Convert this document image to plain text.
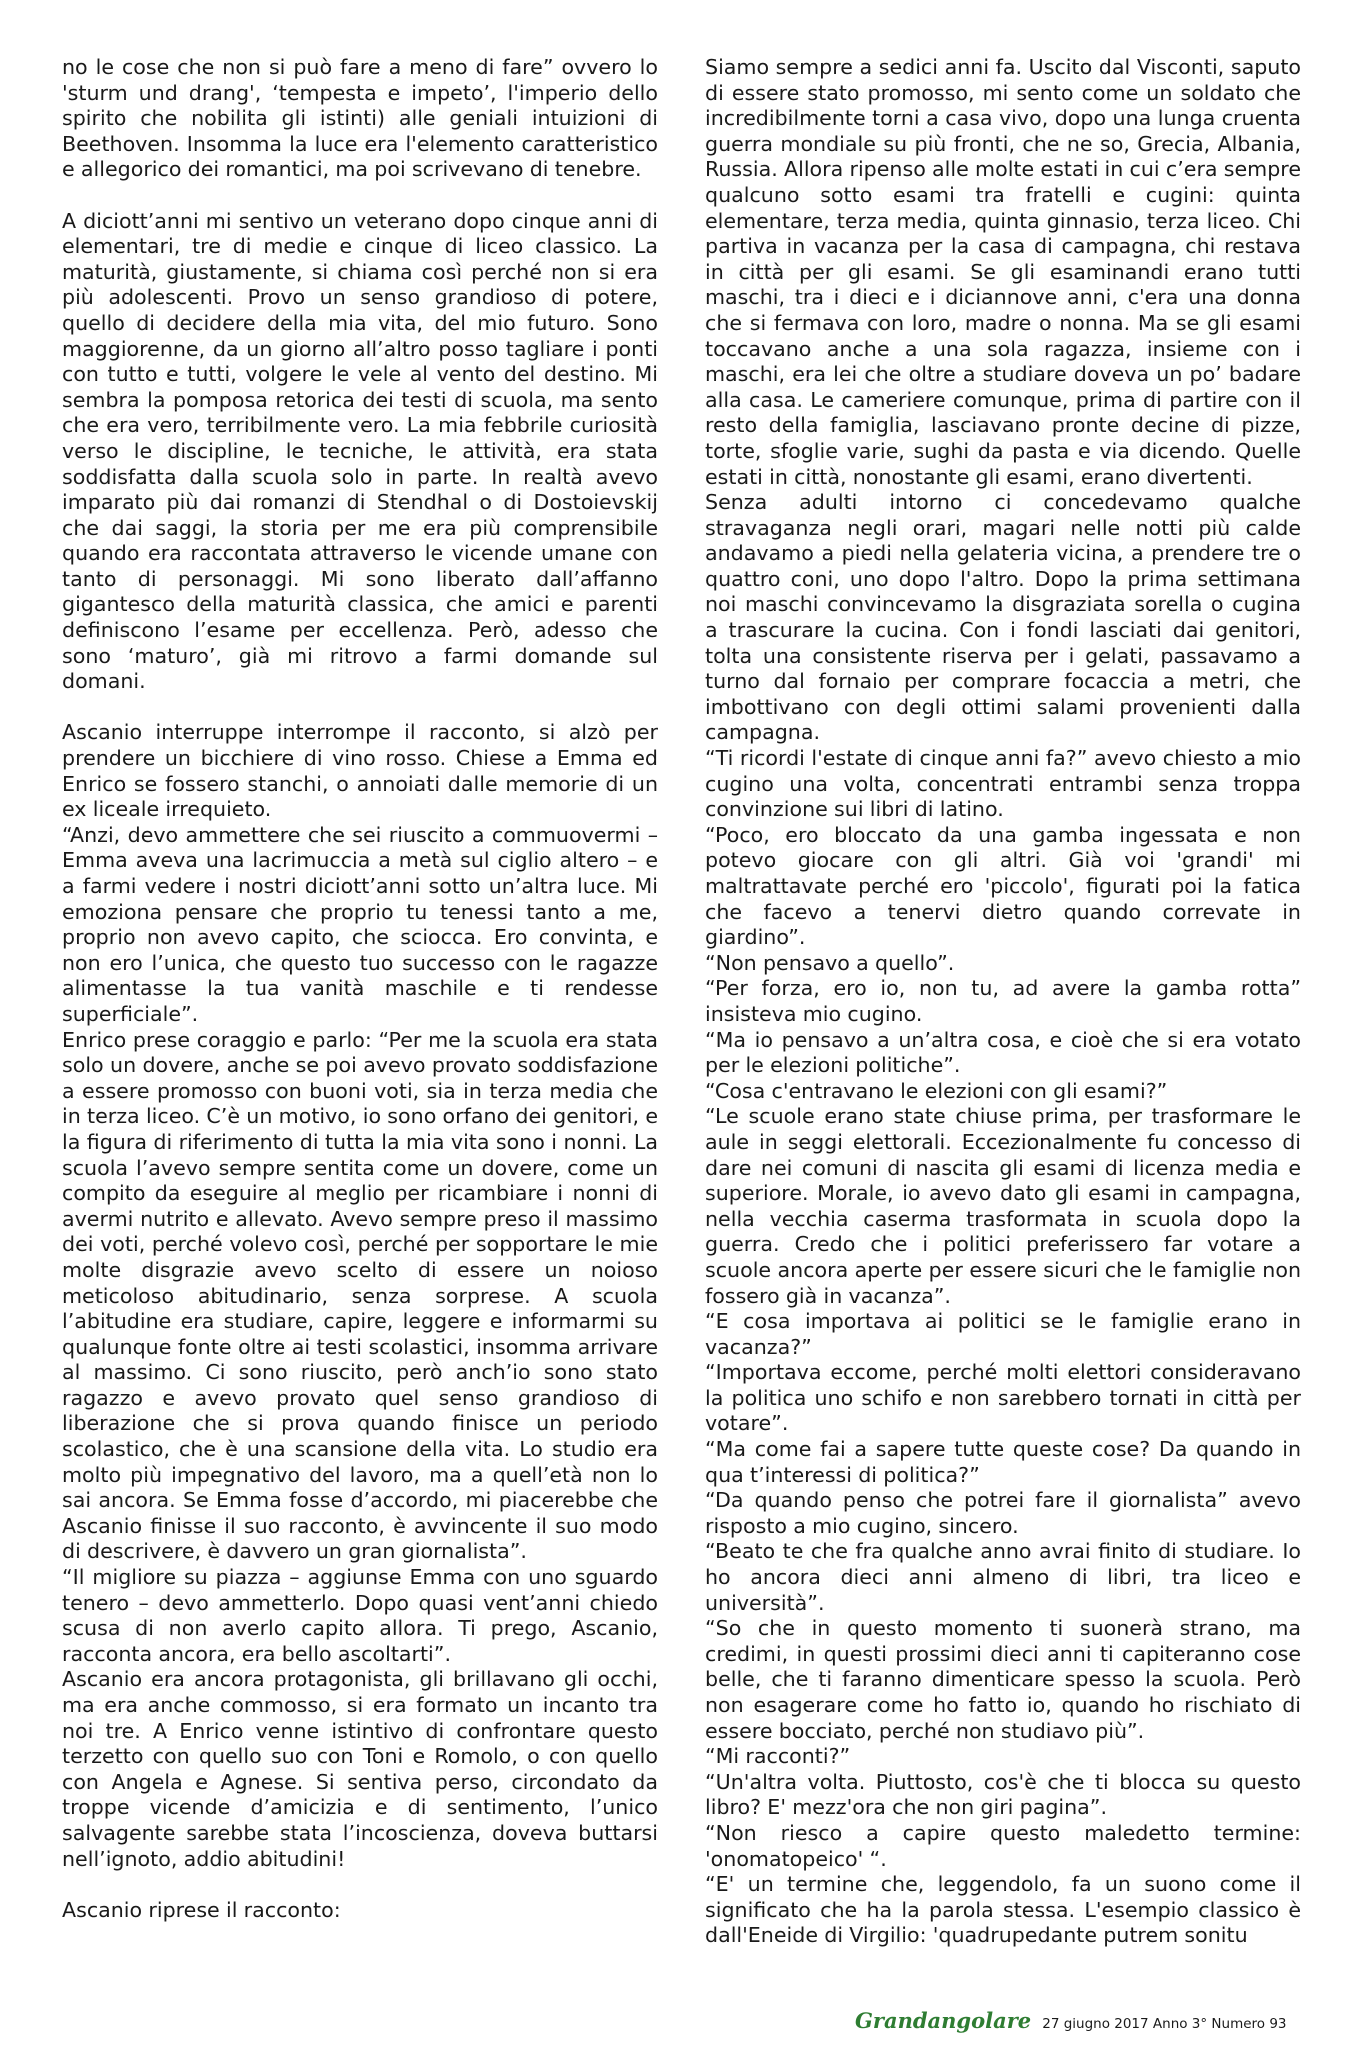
no le cose che non si può fare a meno di fare” ovvero lo 'sturm und drang', ‘tempesta e impeto’, l'imperio dello spirito che nobilita gli istinti) alle geniali intuizioni di Beethoven. Insomma la luce era l'elemento caratteristico e allegorico dei romantici, ma poi scrivevano di tenebre.

A diciott’anni mi sentivo un veterano dopo cinque anni di elementari, tre di medie e cinque di liceo classico. La maturità, giustamente, si chiama così perché non si era più adolescenti. Provo un senso grandioso di potere, quello di decidere della mia vita, del mio futuro. Sono maggiorenne, da un giorno all’altro posso tagliare i ponti con tutto e tutti, volgere le vele al vento del destino. Mi sembra la pomposa retorica dei testi di scuola, ma sento che era vero, terribilmente vero. La mia febbrile curiosità verso le discipline, le tecniche, le attività, era stata soddisfatta dalla scuola solo in parte. In realtà avevo imparato più dai romanzi di Stendhal o di Dostoievskij che dai saggi, la storia per me era più comprensibile quando era raccontata attraverso le vicende umane con tanto di personaggi. Mi sono liberato dall’affanno gigantesco della maturità classica, che amici e parenti definiscono l’esame per eccellenza. Però, adesso che sono ‘maturo’, già mi ritrovo a farmi domande sul domani.

Ascanio interruppe interrompe il racconto, si alzò per prendere un bicchiere di vino rosso. Chiese a Emma ed Enrico se fossero stanchi, o annoiati dalle memorie di un ex liceale irrequieto.

“Anzi, devo ammettere che sei riuscito a commuovermi – Emma aveva una lacrimuccia a metà sul ciglio altero – e a farmi vedere i nostri diciott’anni sotto un’altra luce. Mi emoziona pensare che proprio tu tenessi tanto a me, proprio non avevo capito, che sciocca. Ero convinta, e non ero l’unica, che questo tuo successo con le ragazze alimentasse la tua vanità maschile e ti rendesse superficiale”.

Enrico prese coraggio e parlo: “Per me la scuola era stata solo un dovere, anche se poi avevo provato soddisfazione a essere promosso con buoni voti, sia in terza media che in terza liceo. C’è un motivo, io sono orfano dei genitori, e la figura di riferimento di tutta la mia vita sono i nonni. La scuola l’avevo sempre sentita come un dovere, come un compito da eseguire al meglio per ricambiare i nonni di avermi nutrito e allevato. Avevo sempre preso il massimo dei voti, perché volevo così, perché per sopportare le mie molte disgrazie avevo scelto di essere un noioso meticoloso abitudinario, senza sorprese. A scuola l’abitudine era studiare, capire, leggere e informarmi su qualunque fonte oltre ai testi scolastici, insomma arrivare al massimo. Ci sono riuscito, però anch’io sono stato ragazzo e avevo provato quel senso grandioso di liberazione che si prova quando finisce un periodo scolastico, che è una scansione della vita. Lo studio era molto più impegnativo del lavoro, ma a quell’età non lo sai ancora. Se Emma fosse d’accordo, mi piacerebbe che Ascanio finisse il suo racconto, è avvincente il suo modo di descrivere, è davvero un gran giornalista”.

“Il migliore su piazza – aggiunse Emma con uno sguardo tenero – devo ammetterlo. Dopo quasi vent’anni chiedo scusa di non averlo capito allora. Ti prego, Ascanio, racconta ancora, era bello ascoltarti”.

Ascanio era ancora protagonista, gli brillavano gli occhi, ma era anche commosso, si era formato un incanto tra noi tre. A Enrico venne istintivo di confrontare questo terzetto con quello suo con Toni e Romolo, o con quello con Angela e Agnese. Si sentiva perso, circondato da troppe vicende d’amicizia e di sentimento, l’unico salvagente sarebbe stata l’incoscienza, doveva buttarsi nell’ignoto, addio abitudini!

Ascanio riprese il racconto:

Siamo sempre a sedici anni fa. Uscito dal Visconti, saputo di essere stato promosso, mi sento come un soldato che incredibilmente torni a casa vivo, dopo una lunga cruenta guerra mondiale su più fronti, che ne so, Grecia, Albania, Russia. Allora ripenso alle molte estati in cui c’era sempre qualcuno sotto esami tra fratelli e cugini: quinta elementare, terza media, quinta ginnasio, terza liceo. Chi partiva in vacanza per la casa di campagna, chi restava in città per gli esami. Se gli esaminandi erano tutti maschi, tra i dieci e i diciannove anni, c'era una donna che si fermava con loro, madre o nonna. Ma se gli esami toccavano anche a una sola ragazza, insieme con i maschi, era lei che oltre a studiare doveva un po’ badare alla casa. Le cameriere comunque, prima di partire con il resto della famiglia, lasciavano pronte decine di pizze, torte, sfoglie varie, sughi da pasta e via dicendo. Quelle estati in città, nonostante gli esami, erano divertenti.

Senza adulti intorno ci concedevamo qualche stravaganza negli orari, magari nelle notti più calde andavamo a piedi nella gelateria vicina, a prendere tre o quattro coni, uno dopo l'altro. Dopo la prima settimana noi maschi convincevamo la disgraziata sorella o cugina a trascurare la cucina. Con i fondi lasciati dai genitori, tolta una consistente riserva per i gelati, passavamo a turno dal fornaio per comprare focaccia a metri, che imbottivano con degli ottimi salami provenienti dalla campagna.

“Ti ricordi l'estate di cinque anni fa?” avevo chiesto a mio cugino una volta, concentrati entrambi senza troppa convinzione sui libri di latino.

“Poco, ero bloccato da una gamba ingessata e non potevo giocare con gli altri. Già voi 'grandi' mi maltrattavate perché ero 'piccolo', figurati poi la fatica che facevo a tenervi dietro quando correvate in giardino”.

“Non pensavo a quello”.

“Per forza, ero io, non tu, ad avere la gamba rotta” insisteva mio cugino.

“Ma io pensavo a un’altra cosa, e cioè che si era votato per le elezioni politiche”.

“Cosa c'entravano le elezioni con gli esami?”

“Le scuole erano state chiuse prima, per trasformare le aule in seggi elettorali. Eccezionalmente fu concesso di dare nei comuni di nascita gli esami di licenza media e superiore. Morale, io avevo dato gli esami in campagna, nella vecchia caserma trasformata in scuola dopo la guerra. Credo che i politici preferissero far votare a scuole ancora aperte per essere sicuri che le famiglie non fossero già in vacanza”.

“E cosa importava ai politici se le famiglie erano in vacanza?”

“Importava eccome, perché molti elettori consideravano la politica uno schifo e non sarebbero tornati in città per votare”.

“Ma come fai a sapere tutte queste cose? Da quando in qua t’interessi di politica?”

“Da quando penso che potrei fare il giornalista” avevo risposto a mio cugino, sincero.

“Beato te che fra qualche anno avrai finito di studiare. Io ho ancora dieci anni almeno di libri, tra liceo e università”.

“So che in questo momento ti suonerà strano, ma credimi, in questi prossimi dieci anni ti capiteranno cose belle, che ti faranno dimenticare spesso la scuola. Però non esagerare come ho fatto io, quando ho rischiato di essere bocciato, perché non studiavo più”.

“Mi racconti?”

“Un'altra volta. Piuttosto, cos'è che ti blocca su questo libro? E' mezz'ora che non giri pagina”.

“Non riesco a capire questo maledetto termine: 'onomatopeico' “.

“E' un termine che, leggendolo, fa un suono come il significato che ha la parola stessa. L'esempio classico è dall'Eneide di Virgilio: 'quadrupedante putrem sonitu

Grandangolare 27 giugno 2017 Anno 3° Numero 93
